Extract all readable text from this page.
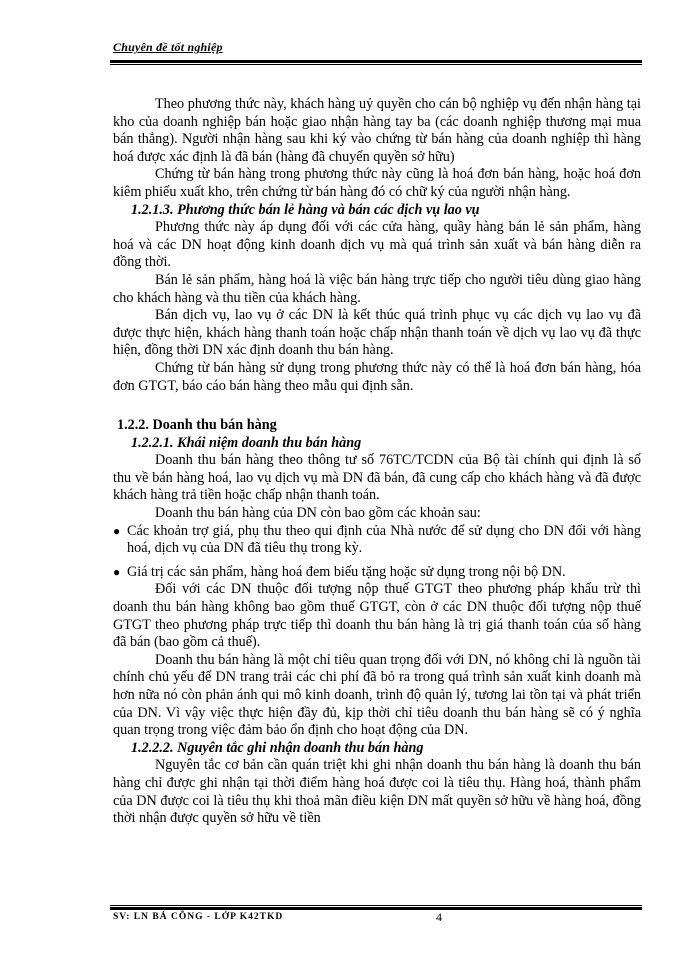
Chuyên đề tốt nghiệp

Theo phương thức này, khách hàng uỷ quyền cho cán bộ nghiệp vụ đến nhận hàng tại kho của doanh nghiệp bán hoặc giao nhận hàng tay ba (các doanh nghiệp thương mại mua bán thẳng). Người nhận hàng sau khi ký vào chứng từ bán hàng của doanh nghiệp thì hàng hoá được xác định là đã bán (hàng đã chuyển quyền sở hữu)

Chứng từ bán hàng trong phương thức này cũng là hoá đơn bán hàng, hoặc hoá đơn kiêm phiếu xuất kho, trên chứng từ bán hàng đó có chữ ký của người nhận hàng.

1.2.1.3. Phương thức bán lẻ hàng và bán các dịch vụ lao vụ

Phương thức này áp dụng đối với các cửa hàng, quầy hàng bán lẻ sản phẩm, hàng hoá và các DN hoạt động kinh doanh dịch vụ mà quá trình sản xuất và bán hàng diễn ra đồng thời.

Bán lẻ sản phẩm, hàng hoá là việc bán hàng trực tiếp cho người tiêu dùng giao hàng cho khách hàng và thu tiền của khách hàng.

Bán dịch vụ, lao vụ ở các DN là kết thúc quá trình phục vụ các dịch vụ lao vụ đã được thực hiện, khách hàng thanh toán hoặc chấp nhận thanh toán về dịch vụ lao vụ đã thực hiện, đồng thời DN xác định doanh thu bán hàng.

Chứng từ bán hàng sử dụng trong phương thức này có thể là hoá đơn bán hàng, hóa đơn GTGT, báo cáo bán hàng theo mẫu qui định sẵn.

1.2.2. Doanh thu bán hàng

1.2.2.1. Khái niệm doanh thu bán hàng

Doanh thu bán hàng theo thông tư số 76TC/TCDN của Bộ tài chính qui định là số thu về bán hàng hoá, lao vụ dịch vụ mà DN đã bán, đã cung cấp cho khách hàng và đã được khách hàng trả tiền hoặc chấp nhận thanh toán.

Doanh thu bán hàng của DN còn bao gồm các khoản sau:

● Các khoản trợ giá, phụ thu theo qui định của Nhà nước để sử dụng cho DN đối với hàng hoá, dịch vụ của DN đã tiêu thụ trong kỳ.
● Giá trị các sản phẩm, hàng hoá đem biếu tặng hoặc sử dụng trong nội bộ DN.

Đối với các DN thuộc đối tượng nộp thuế GTGT theo phương pháp khấu trừ thì doanh thu bán hàng không bao gồm thuế GTGT, còn ở các DN thuộc đối tượng nộp thuế GTGT theo phương pháp trực tiếp thì doanh thu bán hàng là trị giá thanh toán của số hàng đã bán (bao gồm cả thuế).

Doanh thu bán hàng là một chỉ tiêu quan trọng đối với DN, nó không chỉ là nguồn tài chính chủ yếu để DN trang trải các chi phí đã bỏ ra trong quá trình sản xuất kinh doanh mà hơn nữa nó còn phản ánh qui mô kinh doanh, trình độ quản lý, tương lai tồn tại và phát triển của DN. Vì vậy việc thực hiện đầy đủ, kịp thời chỉ tiêu doanh thu bán hàng sẽ có ý nghĩa quan trọng trong việc đảm bảo ổn định cho hoạt động của DN.

1.2.2.2. Nguyên tắc ghi nhận doanh thu bán hàng

Nguyên tắc cơ bản cần quán triệt khi ghi nhận doanh thu bán hàng là doanh thu bán hàng chỉ được ghi nhận tại thời điểm hàng hoá được coi là tiêu thụ. Hàng hoá, thành phẩm của DN được coi là tiêu thụ khi thoả mãn điều kiện DN mất quyền sở hữu về hàng hoá, đồng thời nhận được quyền sở hữu về tiền

SV: LN BÁ CÔNG - LỚP K42TKD	4
